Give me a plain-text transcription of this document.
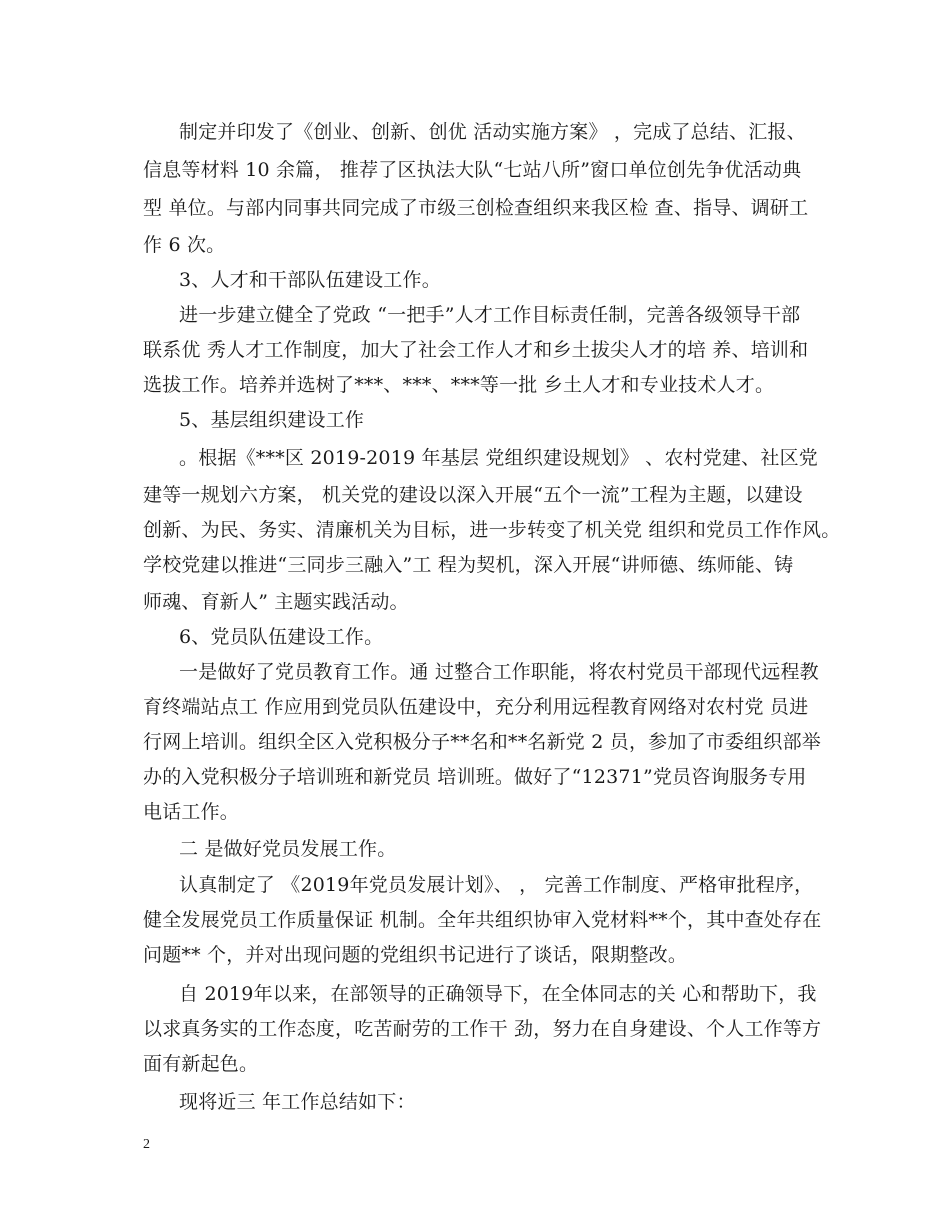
制定并印发了《创业、创新、创优 活动实施方案》 ，完成了总结、汇报、
信息等材料 10 余篇， 推荐了区执法大队“七站八所”窗口单位创先争优活动典
型 单位。与部内同事共同完成了市级三创检查组织来我区检 查、指导、调研工
作 6 次。
3、人才和干部队伍建设工作。
进一步建立健全了党政 “一把手”人才工作目标责任制，完善各级领导干部
联系优 秀人才工作制度，加大了社会工作人才和乡土拔尖人才的培 养、培训和
选拔工作。培养并选树了***、***、***等一批 乡土人才和专业技术人才。
5、基层组织建设工作
。根据《***区 2019-2019 年基层 党组织建设规划》 、农村党建、社区党
建等一规划六方案， 机关党的建设以深入开展“五个一流”工程为主题，以建设
创新、为民、务实、清廉机关为目标，进一步转变了机关党 组织和党员工作作风。
学校党建以推进“三同步三融入”工 程为契机，深入开展“讲师德、练师能、铸
师魂、育新人” 主题实践活动。
6、党员队伍建设工作。
一是做好了党员教育工作。通 过整合工作职能，将农村党员干部现代远程教
育终端站点工 作应用到党员队伍建设中，充分利用远程教育网络对农村党 员进
行网上培训。组织全区入党积极分子**名和**名新党 2 员，参加了市委组织部举
办的入党积极分子培训班和新党员 培训班。做好了“12371”党员咨询服务专用
电话工作。
二 是做好党员发展工作。
认真制定了 《2019年党员发展计划》、 ， 完善工作制度、严格审批程序，
健全发展党员工作质量保证 机制。全年共组织协审入党材料**个，其中查处存在
问题** 个，并对出现问题的党组织书记进行了谈话，限期整改。
自 2019年以来，在部领导的正确领导下，在全体同志的关 心和帮助下，我
以求真务实的工作态度，吃苦耐劳的工作干 劲，努力在自身建设、个人工作等方
面有新起色。
现将近三 年工作总结如下：
2
